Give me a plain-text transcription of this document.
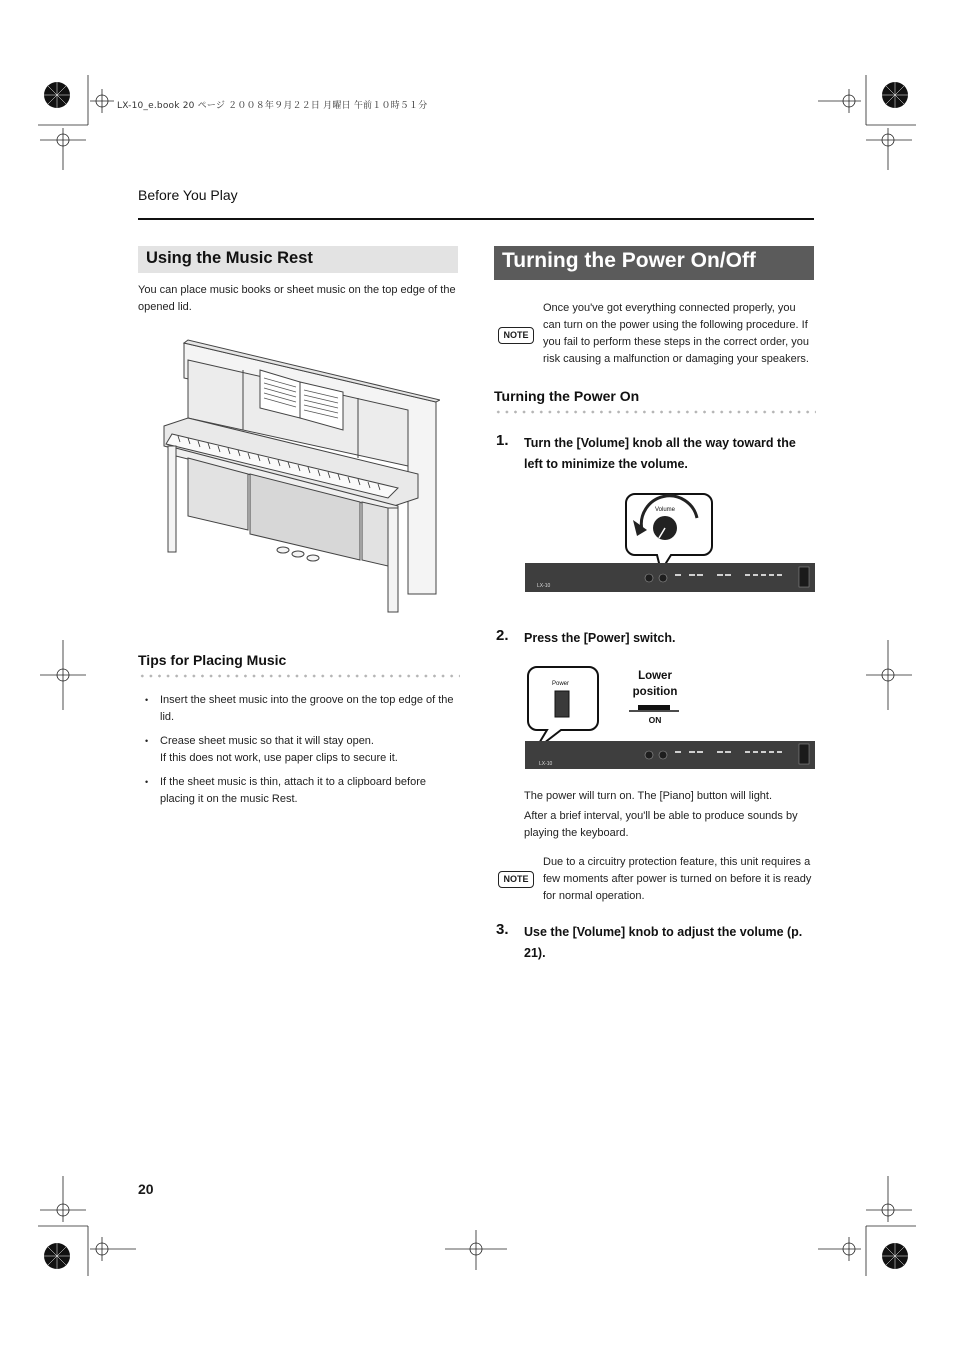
LX-10_e.book 20 ページ ２００８年９月２２日 月曜日 午前１０時５１分
Before You Play
Using the Music Rest
You can place music books or sheet music on the top edge of the opened lid.
Tips for Placing Music
• Insert the sheet music into the groove on the top edge of the lid.
• Crease sheet music so that it will stay open.
If this does not work, use paper clips to secure it.
• If the sheet music is thin, attach it to a clipboard before placing it on the music Rest.
Turning the Power On/Off
NOTE
Once you've got everything connected properly, you can turn on the power using the following procedure. If you fail to perform these steps in the correct order, you risk causing a malfunction or damaging your speakers.
Turning the Power On
1. Turn the [Volume] knob all the way toward the left to minimize the volume.
Volume
LX-10
2. Press the [Power] switch.
Power
Lower position
ON
LX-10
The power will turn on. The [Piano] button will light.
After a brief interval, you'll be able to produce sounds by playing the keyboard.
NOTE
Due to a circuitry protection feature, this unit requires a few moments after power is turned on before it is ready for normal operation.
3. Use the [Volume] knob to adjust the volume (p. 21).
20
